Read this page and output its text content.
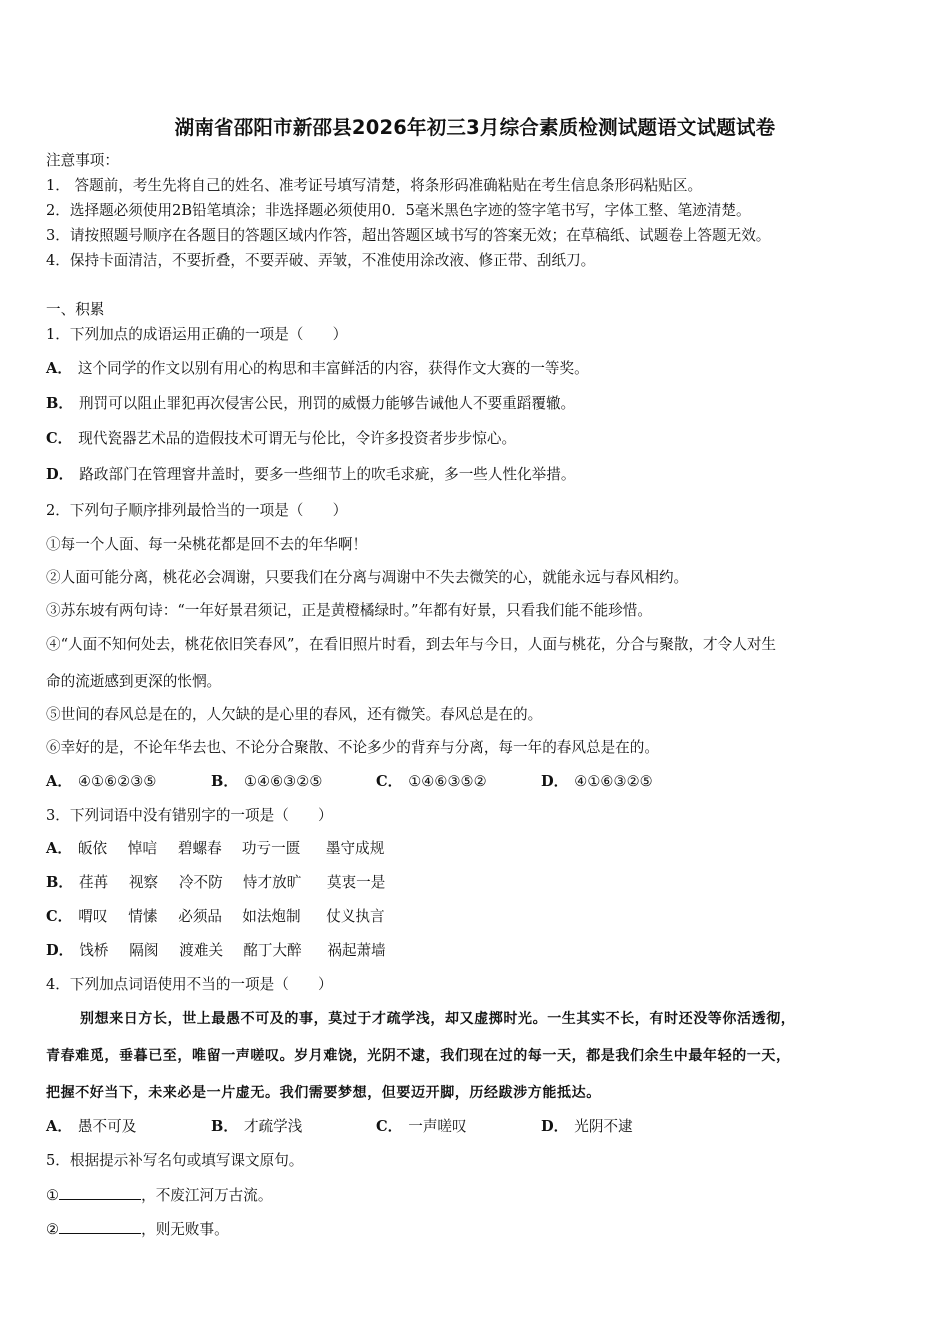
湖南省邵阳市新邵县2026年初三3月综合素质检测试题语文试题试卷
注意事项：
1． 答题前，考生先将自己的姓名、准考证号填写清楚，将条形码准确粘贴在考生信息条形码粘贴区。
2．选择题必须使用2B铅笔填涂；非选择题必须使用0．5毫米黑色字迹的签字笔书写，字体工整、笔迹清楚。
3．请按照题号顺序在各题目的答题区域内作答，超出答题区域书写的答案无效；在草稿纸、试题卷上答题无效。
4．保持卡面清洁，不要折叠，不要弄破、弄皱，不准使用涂改液、修正带、刮纸刀。
一、积累
1．下列加点的成语运用正确的一项是（　　）
A． 这个同学的作文以别有用心的构思和丰富鲜活的内容，获得作文大赛的一等奖。
B． 刑罚可以阻止罪犯再次侵害公民，刑罚的威慑力能够告诫他人不要重蹈覆辙。
C． 现代瓷器艺术品的造假技术可谓无与伦比，令许多投资者步步惊心。
D． 路政部门在管理窨井盖时，要多一些细节上的吹毛求疵，多一些人性化举措。
2．下列句子顺序排列最恰当的一项是（　　）
①每一个人面、每一朵桃花都是回不去的年华啊！
②人面可能分离，桃花必会凋谢，只要我们在分离与凋谢中不失去微笑的心，就能永远与春风相约。
③苏东坡有两句诗：“一年好景君须记，正是黄橙橘绿时。”年都有好景，只看我们能不能珍惜。
④“人面不知何处去，桃花依旧笑春风”，在看旧照片时看，到去年与今日，人面与桃花，分合与聚散，才令人对生
命的流逝感到更深的怅惘。
⑤世间的春风总是在的，人欠缺的是心里的春风，还有微笑。春风总是在的。
⑥幸好的是，不论年华去也、不论分合聚散、不论多少的背弃与分离，每一年的春风总是在的。
A． ④①⑥②③⑤	B． ①④⑥③②⑤	C． ①④⑥③⑤②	D． ④①⑥③②⑤
3．下列词语中没有错别字的一项是（　　）
A． 皈依 悼唁 碧螺春 功亏一匮 墨守成规
B． 荏苒 视察 冷不防 恃才放旷 莫衷一是
C． 喟叹 情愫 必须品 如法炮制 仗义执言
D． 饯桥 隔阂 渡难关 酩丁大醉 祸起萧墙
4．下列加点词语使用不当的一项是（　　）
别想来日方长，世上最愚不可及的事，莫过于才疏学浅，却又虚掷时光。一生其实不长，有时还没等你活透彻，
青春难觅，垂暮已至，唯留一声嗟叹。岁月难饶，光阴不逮，我们现在过的每一天，都是我们余生中最年轻的一天，
把握不好当下，未来必是一片虚无。我们需要梦想，但要迈开脚，历经跋涉方能抵达。
A． 愚不可及	B． 才疏学浅	C． 一声嗟叹	D． 光阴不逮
5．根据提示补写名句或填写课文原句。
①	，不废江河万古流。
②	，则无败事。
